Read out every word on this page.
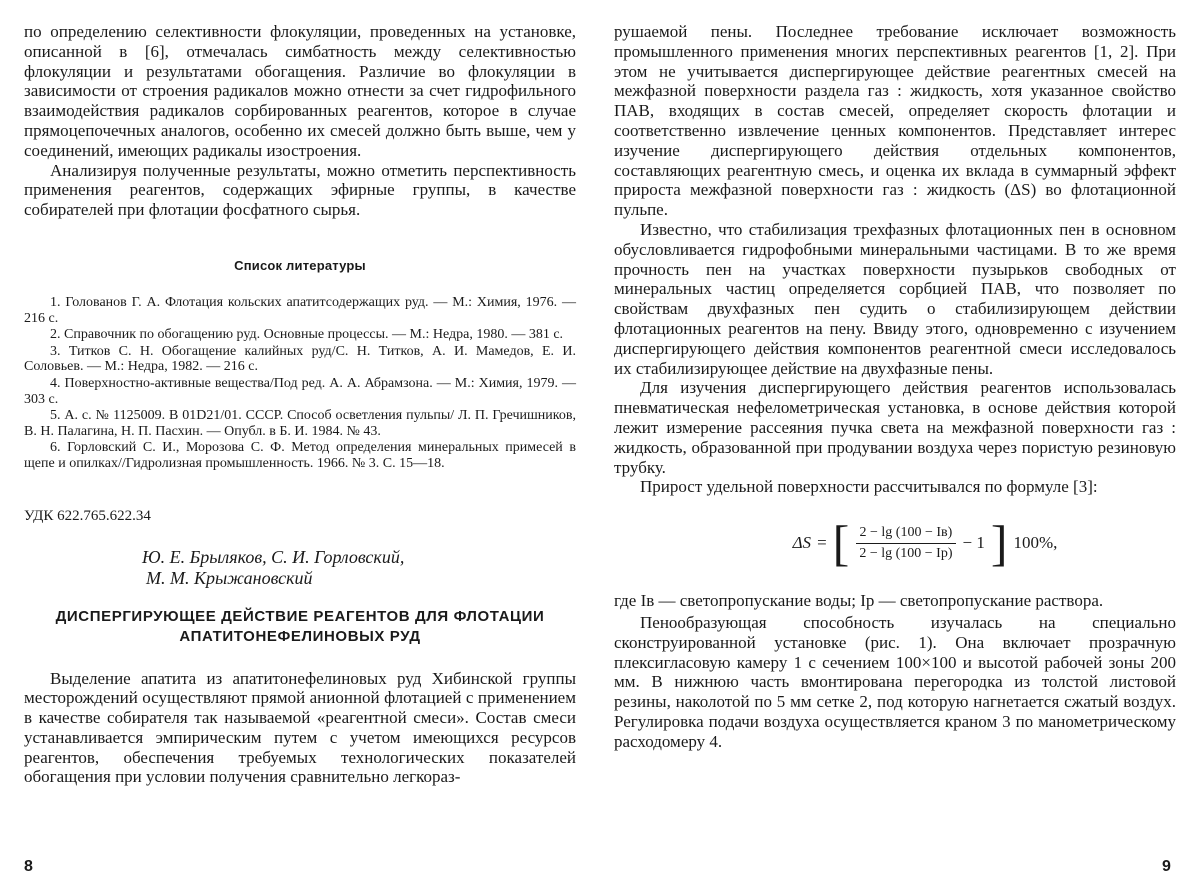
по определению селективности флокуляции, проведенных на установке, описанной в [6], отмечалась симбатность между селективностью флокуляции и результатами обогащения. Различие во флокуляции в зависимости от строения радикалов можно отнести за счет гидрофильного взаимодействия радикалов сорбированных реагентов, которое в случае прямоцепочечных аналогов, особенно их смесей должно быть выше, чем у соединений, имеющих радикалы изостроения.

Анализируя полученные результаты, можно отметить перспективность применения реагентов, содержащих эфирные группы, в качестве собирателей при флотации фосфатного сырья.

Список литературы

1. Голованов Г. А. Флотация кольских апатитсодержащих руд. — М.: Химия, 1976. — 216 с.

2. Справочник по обогащению руд. Основные процессы. — М.: Недра, 1980. — 381 с.

3. Титков С. Н. Обогащение калийных руд/С. Н. Титков, А. И. Мамедов, Е. И. Соловьев. — М.: Недра, 1982. — 216 с.

4. Поверхностно-активные вещества/Под ред. А. А. Абрамзона. — М.: Химия, 1979. — 303 с.

5. А. с. № 1125009. В 01D21/01. СССР. Способ осветления пульпы/ Л. П. Гречишников, В. Н. Палагина, Н. П. Пасхин. — Опубл. в Б. И. 1984. № 43.

6. Горловский С. И., Морозова С. Ф. Метод определения минеральных примесей в щепе и опилках//Гидролизная промышленность. 1966. № 3. С. 15—18.

УДК 622.765.622.34

Ю. Е. Брыляков, С. И. Горловский,
М. М. Крыжановский
ДИСПЕРГИРУЮЩЕЕ ДЕЙСТВИЕ РЕАГЕНТОВ ДЛЯ ФЛОТАЦИИ
АПАТИТОНЕФЕЛИНОВЫХ РУД

Выделение апатита из апатитонефелиновых руд Хибинской группы месторождений осуществляют прямой анионной флотацией с применением в качестве собирателя так называемой «реагентной смеси». Состав смеси устанавливается эмпирическим путем с учетом имеющихся ресурсов реагентов, обеспечения требуемых технологических показателей обогащения при условии получения сравнительно легкораз-

8

рушаемой пены. Последнее требование исключает возможность промышленного применения многих перспективных реагентов [1, 2]. При этом не учитывается диспергирующее действие реагентных смесей на межфазной поверхности раздела газ : жидкость, хотя указанное свойство ПАВ, входящих в состав смесей, определяет скорость флотации и соответственно извлечение ценных компонентов. Представляет интерес изучение диспергирующего действия отдельных компонентов, составляющих реагентную смесь, и оценка их вклада в суммарный эффект прироста межфазной поверхности газ : жидкость (ΔS) во флотационной пульпе.

Известно, что стабилизация трехфазных флотационных пен в основном обусловливается гидрофобными минеральными частицами. В то же время прочность пен на участках поверхности пузырьков свободных от минеральных частиц определяется сорбцией ПАВ, что позволяет по свойствам двухфазных пен судить о стабилизирующем действии флотационных реагентов на пену. Ввиду этого, одновременно с изучением диспергирующего действия компонентов реагентной смеси исследовалось их стабилизирующее действие на двухфазные пены.

Для изучения диспергирующего действия реагентов использовалась пневматическая нефелометрическая установка, в основе действия которой лежит измерение рассеяния пучка света на межфазной поверхности газ : жидкость, образованной при продувании воздуха через пористую резиновую трубку.

Прирост удельной поверхности рассчитывался по формуле [3]:

ΔS = [ 2 − lg (100 − Iв)
2 − lg (100 − Iр)
− 1 ] 100%,

где Iв — светопропускание воды; Iр — светопропускание раствора.

Пенообразующая способность изучалась на специально сконструированной установке (рис. 1). Она включает прозрачную плексигласовую камеру 1 с сечением 100×100 и высотой рабочей зоны 200 мм. В нижнюю часть вмонтирована перегородка из толстой листовой резины, наколотой по 5 мм сетке 2, под которую нагнетается сжатый воздух. Регулировка подачи воздуха осуществляется краном 3 по манометрическому расходомеру 4.

9
